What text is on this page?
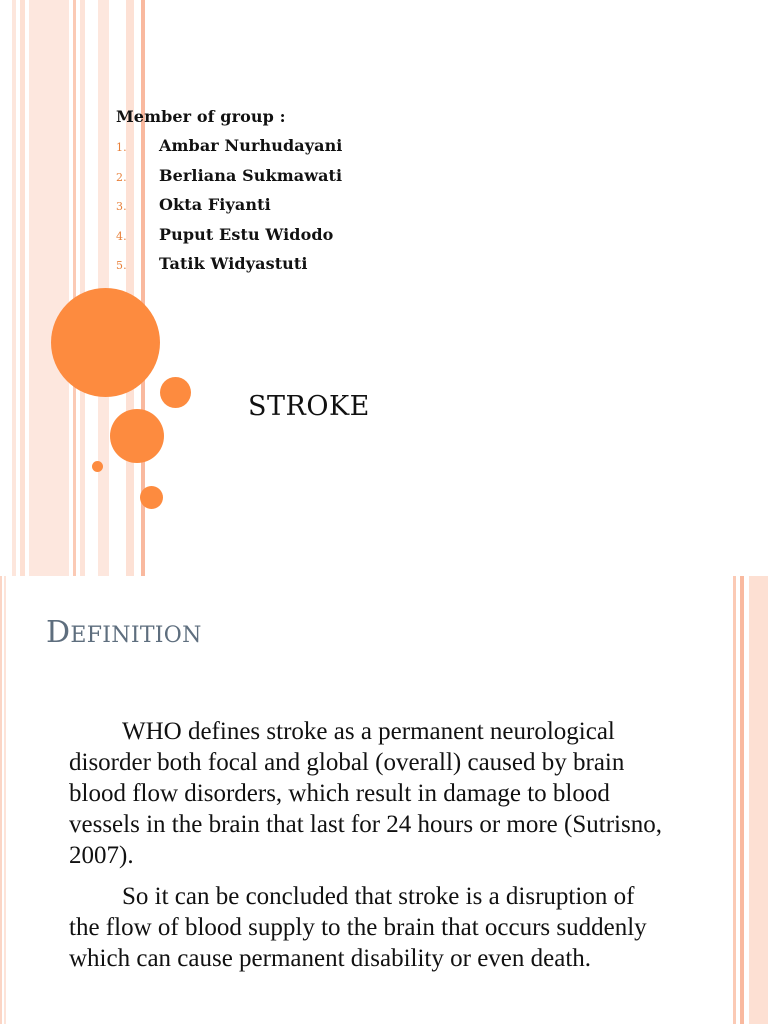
Member of group :
1.	Ambar Nurhudayani
2.	Berliana Sukmawati
3.	Okta Fiyanti
4.	Puput Estu Widodo
5.	Tatik Widyastuti
STROKE
DEFINITION

WHO defines stroke as a permanent neurological disorder both focal and global (overall) caused by brain blood flow disorders, which result in damage to blood vessels in the brain that last for 24 hours or more (Sutrisno, 2007).

So it can be concluded that stroke is a disruption of the flow of blood supply to the brain that occurs suddenly which can cause permanent disability or even death.
